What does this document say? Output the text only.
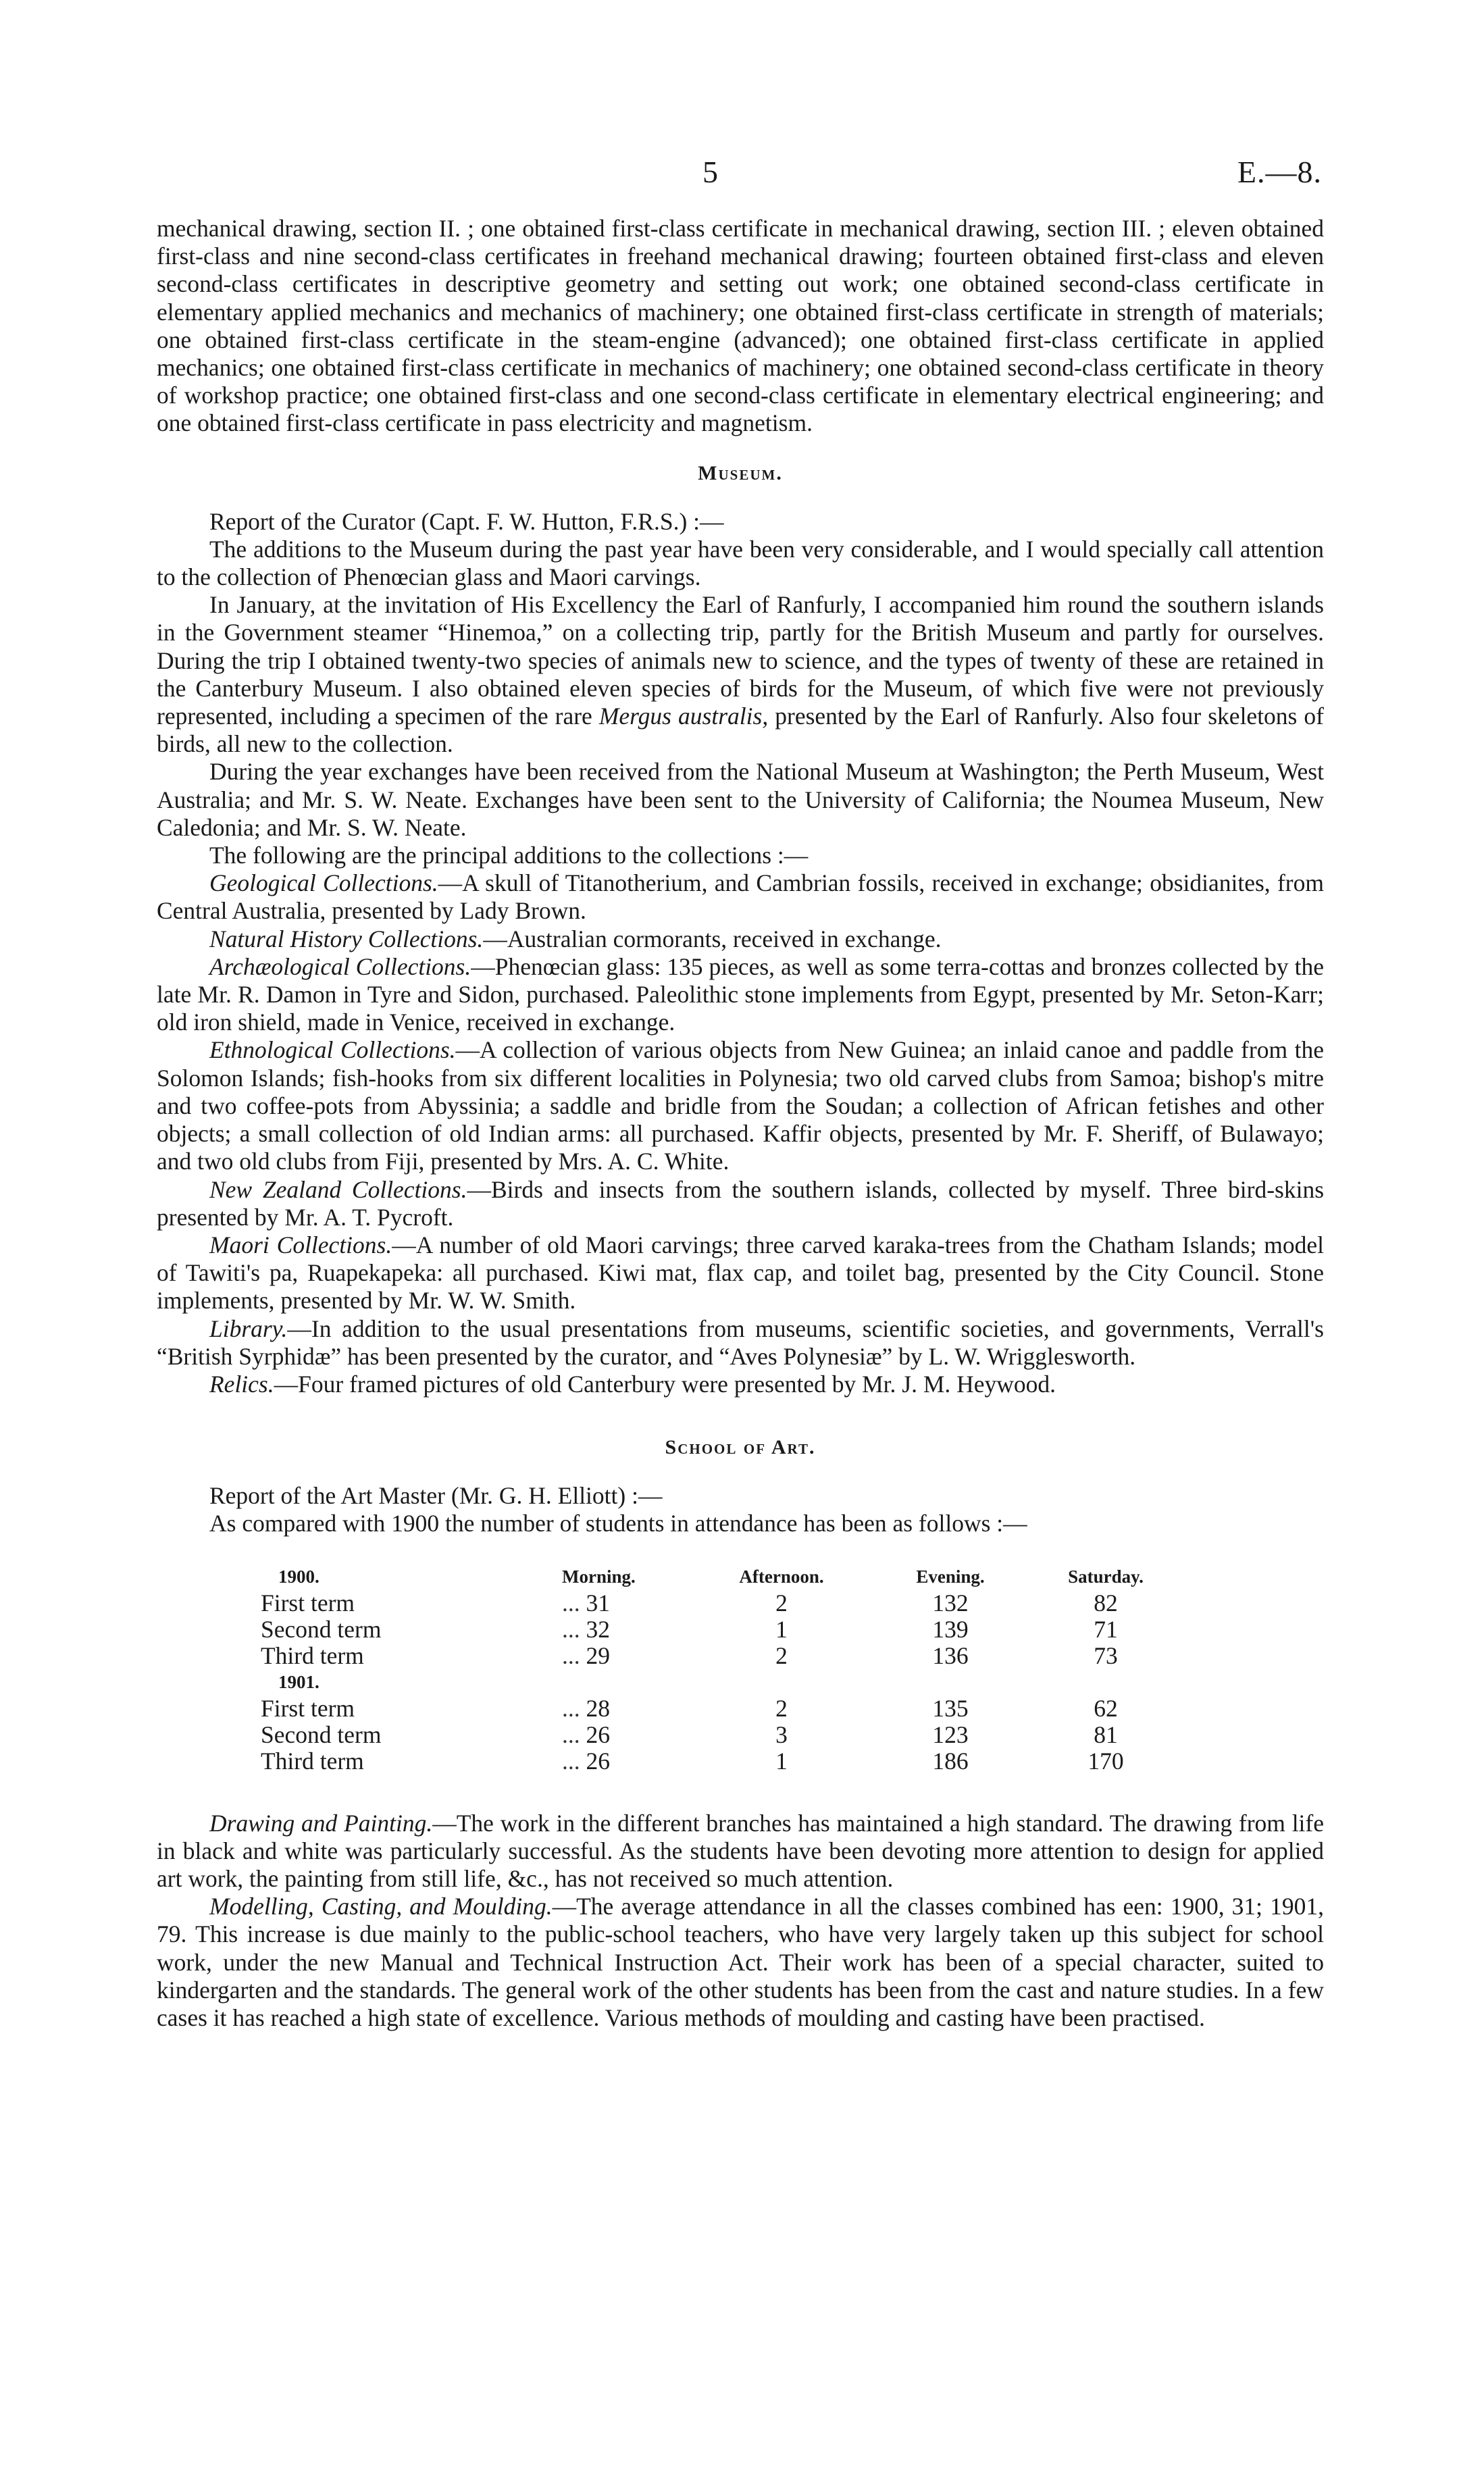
5	E.—8.

mechanical drawing, section II. ; one obtained first-class certificate in mechanical drawing, section III. ; eleven obtained first-class and nine second-class certificates in freehand mechanical drawing; fourteen obtained first-class and eleven second-class certificates in descriptive geometry and setting out work; one obtained second-class certificate in elementary applied mechanics and mechanics of machinery; one obtained first-class certificate in strength of materials; one obtained first-class certificate in the steam-engine (advanced); one obtained first-class certificate in applied mechanics; one obtained first-class certificate in mechanics of machinery; one obtained second-class certificate in theory of workshop practice; one obtained first-class and one second-class certificate in elementary electrical engineering; and one obtained first-class certificate in pass electricity and magnetism.

Museum.

Report of the Curator (Capt. F. W. Hutton, F.R.S.) :—

The additions to the Museum during the past year have been very considerable, and I would specially call attention to the collection of Phenœcian glass and Maori carvings.

In January, at the invitation of His Excellency the Earl of Ranfurly, I accompanied him round the southern islands in the Government steamer “Hinemoa,” on a collecting trip, partly for the British Museum and partly for ourselves. During the trip I obtained twenty-two species of animals new to science, and the types of twenty of these are retained in the Canterbury Museum. I also obtained eleven species of birds for the Museum, of which five were not previously represented, including a specimen of the rare Mergus australis, presented by the Earl of Ranfurly. Also four skeletons of birds, all new to the collection.

During the year exchanges have been received from the National Museum at Washington; the Perth Museum, West Australia; and Mr. S. W. Neate. Exchanges have been sent to the University of California; the Noumea Museum, New Caledonia; and Mr. S. W. Neate.

The following are the principal additions to the collections :—

Geological Collections.—A skull of Titanotherium, and Cambrian fossils, received in exchange; obsidianites, from Central Australia, presented by Lady Brown.

Natural History Collections.—Australian cormorants, received in exchange.

Archæological Collections.—Phenœcian glass: 135 pieces, as well as some terra-cottas and bronzes collected by the late Mr. R. Damon in Tyre and Sidon, purchased. Paleolithic stone implements from Egypt, presented by Mr. Seton-Karr; old iron shield, made in Venice, received in exchange.

Ethnological Collections.—A collection of various objects from New Guinea; an inlaid canoe and paddle from the Solomon Islands; fish-hooks from six different localities in Polynesia; two old carved clubs from Samoa; bishop's mitre and two coffee-pots from Abyssinia; a saddle and bridle from the Soudan; a collection of African fetishes and other objects; a small collection of old Indian arms: all purchased. Kaffir objects, presented by Mr. F. Sheriff, of Bulawayo; and two old clubs from Fiji, presented by Mrs. A. C. White.

New Zealand Collections.—Birds and insects from the southern islands, collected by myself. Three bird-skins presented by Mr. A. T. Pycroft.

Maori Collections.—A number of old Maori carvings; three carved karaka-trees from the Chatham Islands; model of Tawiti's pa, Ruapekapeka: all purchased. Kiwi mat, flax cap, and toilet bag, presented by the City Council. Stone implements, presented by Mr. W. W. Smith.

Library.—In addition to the usual presentations from museums, scientific societies, and governments, Verrall's “British Syrphidæ” has been presented by the curator, and “Aves Polynesiæ” by L. W. Wrigglesworth.

Relics.—Four framed pictures of old Canterbury were presented by Mr. J. M. Heywood.

School of Art.

Report of the Art Master (Mr. G. H. Elliott) :—

As compared with 1900 the number of students in attendance has been as follows :—

1900.	Morning.	Afternoon.	Evening.	Saturday.
First term	... 31	2	132	82
Second term	... 32	1	139	71
Third term	... 29	2	136	73
1901.				
First term	... 28	2	135	62
Second term	... 26	3	123	81
Third term	... 26	1	186	170

Drawing and Painting.—The work in the different branches has maintained a high standard. The drawing from life in black and white was particularly successful. As the students have been devoting more attention to design for applied art work, the painting from still life, &c., has not received so much attention.

Modelling, Casting, and Moulding.—The average attendance in all the classes combined has een: 1900, 31; 1901, 79. This increase is due mainly to the public-school teachers, who have very largely taken up this subject for school work, under the new Manual and Technical Instruction Act. Their work has been of a special character, suited to kindergarten and the standards. The general work of the other students has been from the cast and nature studies. In a few cases it has reached a high state of excellence. Various methods of moulding and casting have been practised.
